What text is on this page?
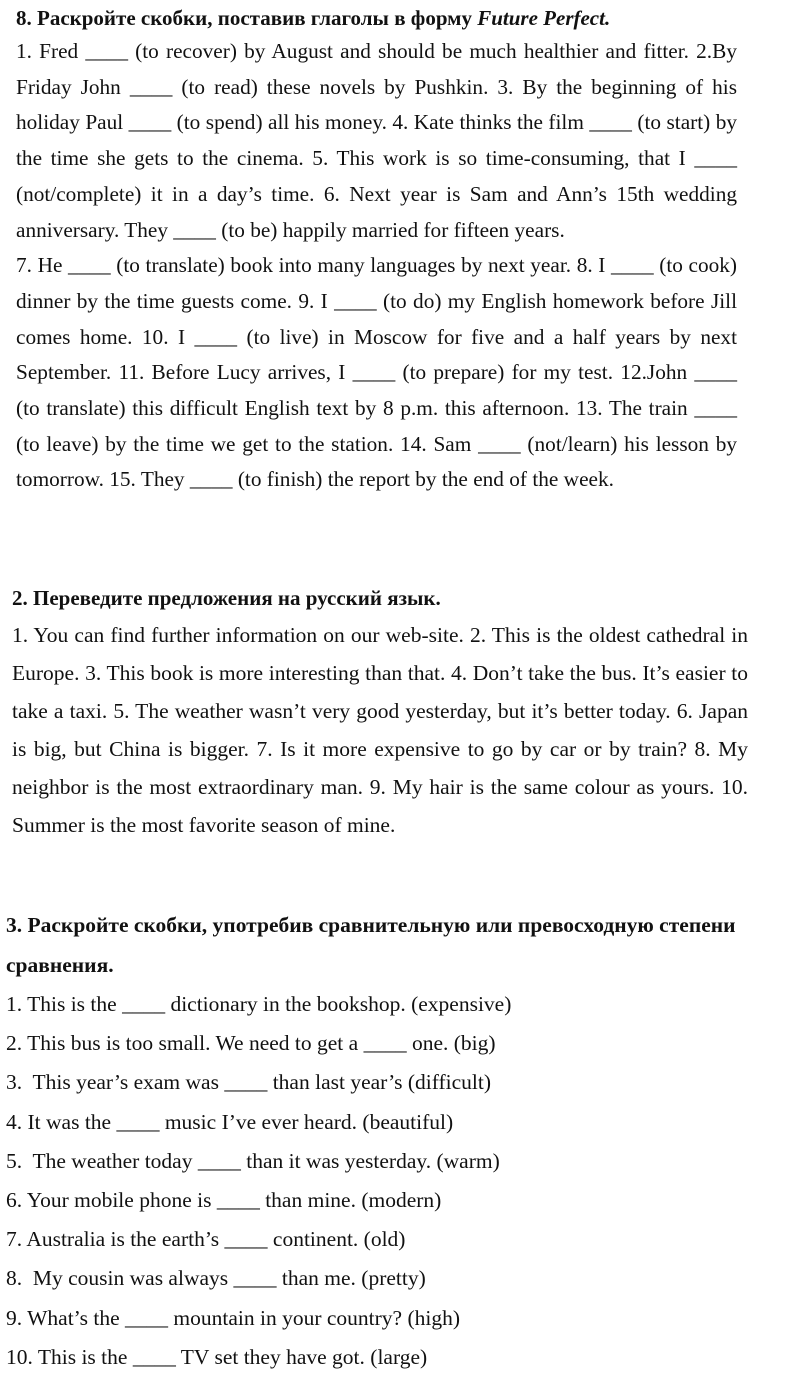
8. Раскройте скобки, поставив глаголы в форму Future Perfect.

1. Fred ____ (to recover) by August and should be much healthier and fitter. 2.By Friday John ____ (to read) these novels by Pushkin. 3. By the beginning of his holiday Paul ____ (to spend) all his money. 4. Kate thinks the film ____ (to start) by the time she gets to the cinema. 5. This work is so time-consuming, that I ____ (not/complete) it in a day’s time. 6. Next year is Sam and Ann’s 15th wedding anniversary. They ____ (to be) happily married for fifteen years.

7. He ____ (to translate) book into many languages by next year. 8. I ____ (to cook) dinner by the time guests come. 9. I ____ (to do) my English homework before Jill comes home. 10. I ____ (to live) in Moscow for five and a half years by next September. 11. Before Lucy arrives, I ____ (to prepare) for my test. 12.John ____ (to translate) this difficult English text by 8 p.m. this afternoon. 13. The train ____ (to leave) by the time we get to the station. 14. Sam ____ (not/learn) his lesson by tomorrow. 15. They ____ (to finish) the report by the end of the week.

2. Переведите предложения на русский язык.

1. You can find further information on our web-site. 2. This is the oldest cathedral in Europe. 3. This book is more interesting than that. 4. Don’t take the bus. It’s easier to take a taxi. 5. The weather wasn’t very good yesterday, but it’s better today. 6. Japan is big, but China is bigger. 7. Is it more expensive to go by car or by train? 8. My neighbor is the most extraordinary man. 9. My hair is the same colour as yours. 10. Summer is the most favorite season of mine.

3. Раскройте скобки, употребив сравнительную или превосходную степени сравнения.

1. This is the ____ dictionary in the bookshop. (expensive)

2. This bus is too small. We need to get a ____ one. (big)

3.  This year’s exam was ____ than last year’s (difficult)

4. It was the ____ music I’ve ever heard. (beautiful)

5.  The weather today ____ than it was yesterday. (warm)

6. Your mobile phone is ____ than mine. (modern)

7. Australia is the earth’s ____ continent. (old)

8.  My cousin was always ____ than me. (pretty)

9. What’s the ____ mountain in your country? (high)

10. This is the ____ TV set they have got. (large)
